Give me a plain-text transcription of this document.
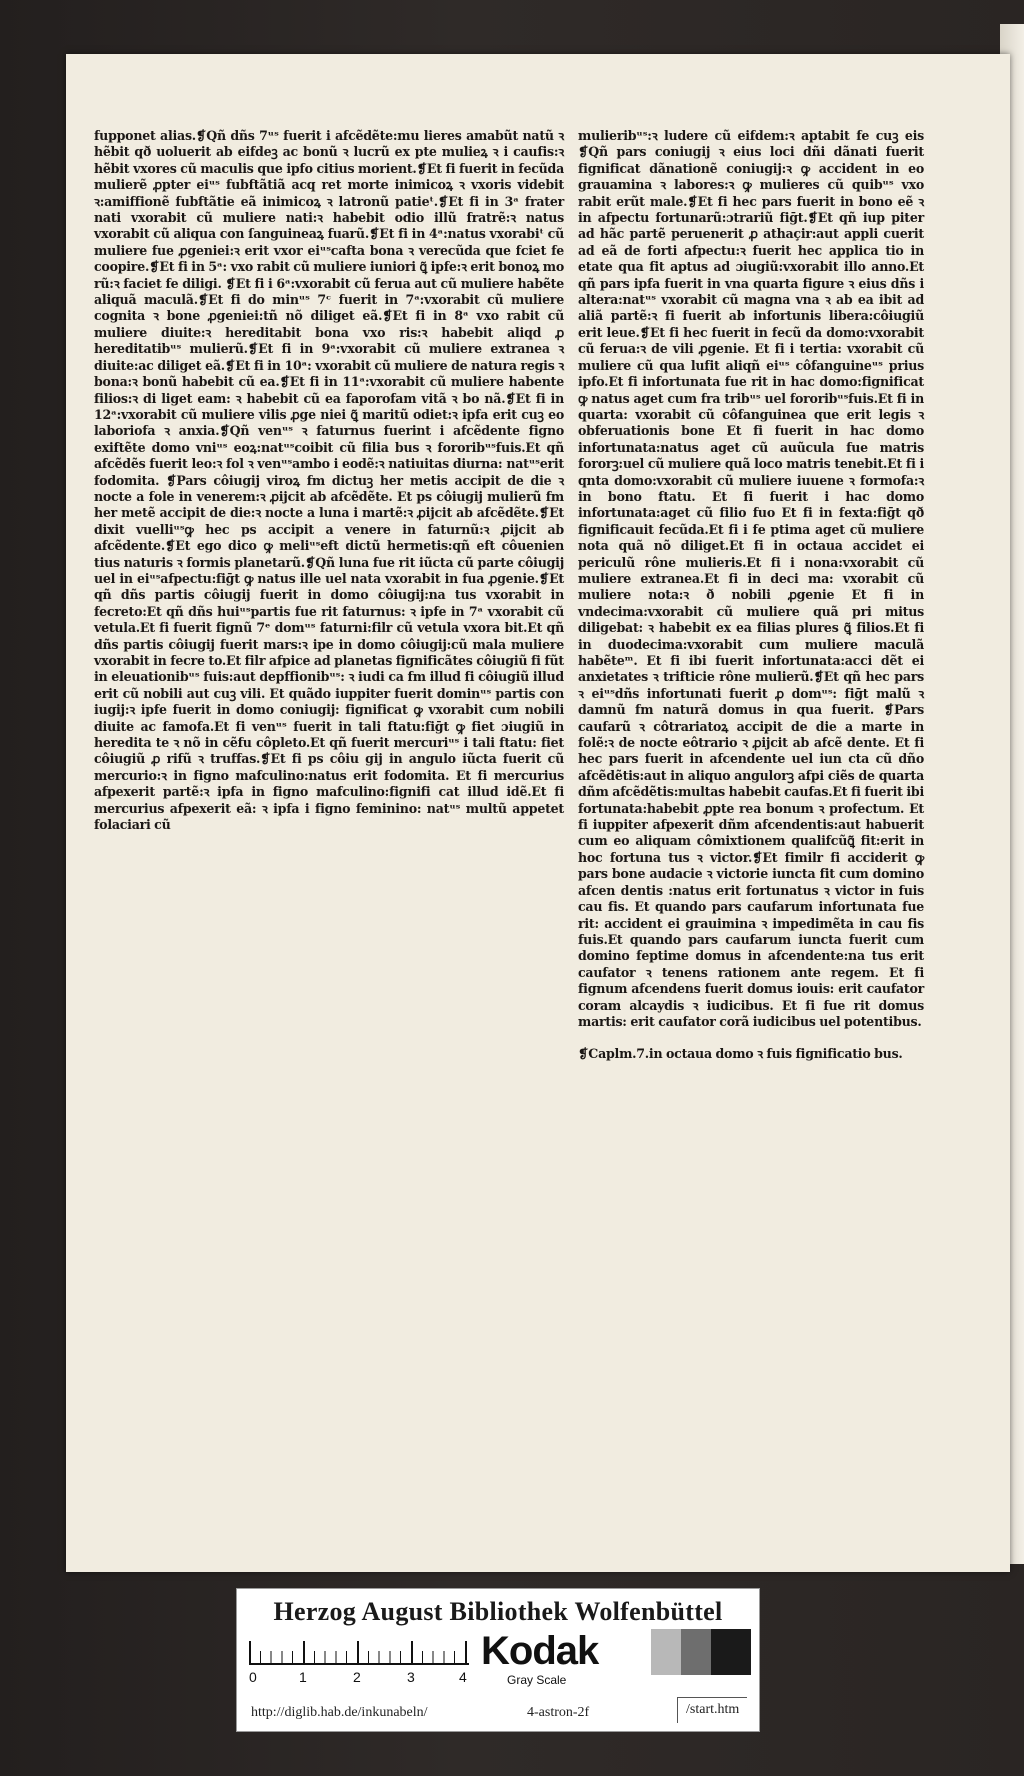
fupponet alias.❡Qñ dñs 7ᵘˢ fuerit i afcẽdẽte:mu lieres amabũt natũ ꝛ hẽbit qð uoluerit ab eifdeꝫ ac bonũ ꝛ lucrũ ex pte mulieꝝ ꝛ i caufis:ꝛ hẽbit vxores cũ maculis que ipfo citius morient.❡Et fi fuerit in fecũda mulierẽ ꝓpter eiᵘˢ fubftãtiã acq ret morte inimicoꝝ ꝛ vxoris videbit ꝛ:amiffionẽ fubftãtie eã inimicoꝝ ꝛ latronũ patieᵗ.❡Et fi in 3ᵃ frater nati vxorabit cũ muliere nati:ꝛ habebit odio illũ fratrẽ:ꝛ natus vxorabit cũ aliqua con ſanguineaꝝ fuarũ.❡Et fi in 4ᵃ:natus vxorabiᵗ cũ muliere fue ꝓgeniei:ꝛ erit vxor eiᵘˢcafta bona ꝛ verecũda que fciet fe coopire.❡Et fi in 5ᵃ: vxo rabit cũ muliere iuniori ꝗ̃ ipfe:ꝛ erit bonoꝝ mo rũ:ꝛ faciet fe diligi. ❡Et fi i 6ᵃ:vxorabit cũ ferua aut cũ muliere habẽte aliquã maculã.❡Et fi do minᵘˢ 7ᶜ fuerit in 7ᵃ:vxorabit cũ muliere cognita ꝛ bone ꝓgeniei:tñ nõ diliget eã.❡Et fi in 8ᵃ vxo rabit cũ muliere diuite:ꝛ hereditabit bona vxo ris:ꝛ habebit aliqd ꝓ hereditatibᵘˢ mulierũ.❡Et fi in 9ᵃ:vxorabit cũ muliere extranea ꝛ diuite:ac diliget eã.❡Et fi in 10ᵃ: vxorabit cũ muliere de natura regis ꝛ bona:ꝛ bonũ habebit cũ ea.❡Et fi in 11ᵃ:vxorabit cũ muliere habente filios:ꝛ di liget eam: ꝛ habebit cũ ea faporofam vitã ꝛ bo nã.❡Et fi in 12ᵃ:vxorabit cũ muliere vilis ꝓge niei ꝗ̃ maritũ odiet:ꝛ ipfa erit cuꝫ eo laboriofa ꝛ anxia.❡Qñ venᵘˢ ꝛ faturnus fuerint i afcẽdente figno exiftẽte domo vniᵘˢ eoꝝ:natᵘˢcoibit cũ filia bus ꝛ fororibᵘˢfuis.Et qñ afcẽdẽs fuerit leo:ꝛ fol ꝛ venᵘˢambo i eodẽ:ꝛ natiuitas diurna: natᵘˢerit fodomita. ❡Pars côiugij viroꝝ fm dictuꝫ her metis accipit de die ꝛ nocte a fole in venerem:ꝛ ꝓijcit ab afcẽdẽte. Et ps côiugij mulierũ fm her metẽ accipit de die:ꝛ nocte a luna i martẽ:ꝛ ꝓijcit ab afcẽdẽte.❡Et dixit vuelliᵘˢꝙ hec ps accipit a venere in faturnũ:ꝛ ꝓijcit ab afcẽdente.❡Et ego dico ꝙ meliᵘˢeft dictũ hermetis:qñ eft côuenien tius naturis ꝛ formis planetarũ.❡Qñ luna fue rit iũcta cũ parte côiugij uel in eiᵘˢafpectu:fiḡt ꝙ natus ille uel nata vxorabit in fua ꝓgenie.❡Et qñ dñs partis côiugij fuerit in domo côiugij:na tus vxorabit in fecreto:Et qñ dñs huiᵘˢpartis fue rit faturnus: ꝛ ipfe in 7ᵃ vxorabit cũ vetula.Et fi fuerit fignũ 7ᵉ domᵘˢ faturni:filr cũ vetula vxora bit.Et qñ dñs partis côiugij fuerit mars:ꝛ ipe in domo côiugij:cũ mala muliere vxorabit in fecre to.Et filr afpice ad planetas fignificãtes côiugiũ fi fũt in eleuationibᵘˢ fuis:aut depffionibᵘˢ: ꝛ iudi ca fm illud fi côiugiũ illud erit cũ nobili aut cuꝫ vili. Et quãdo iuppiter fuerit dominᵘˢ partis con iugij:ꝛ ipfe fuerit in domo coniugij: fignificat ꝙ vxorabit cum nobili diuite ac famofa.Et fi venᵘˢ fuerit in tali ftatu:fiḡt ꝙ fiet ɔiugiũ in heredita te ꝛ nõ in cẽfu côpleto.Et qñ fuerit mercuriᵘˢ i tali ftatu: fiet côiugiũ ꝓ rifũ ꝛ truffas.❡Et fi ps côiu gij in angulo iũcta fuerit cũ mercurio:ꝛ in figno mafculino:natus erit fodomita. Et fi mercurius afpexerit partẽ:ꝛ ipfa in figno mafculino:fignifi cat illud idẽ.Et fi mercurius afpexerit eã: ꝛ ipfa i figno feminino: natᵘˢ multũ appetet folaciari cũ

mulieribᵘˢ:ꝛ ludere cũ eifdem:ꝛ aptabit fe cuꝫ eis ❡Qñ pars coniugij ꝛ eius loci dñi dãnati fuerit fignificat dãnationẽ coniugij:ꝛ ꝙ accident in eo grauamina ꝛ labores:ꝛ ꝙ mulieres cũ quibᵘˢ vxo rabit erũt male.❡Et fi hec pars fuerit in bono eẽ ꝛ in afpectu fortunarũ:ɔtrariũ fiḡt.❡Et qñ iup piter ad hãc partẽ peruenerit ꝓ athaçir:aut appli cuerit ad eã de forti afpectu:ꝛ fuerit hec applica tio in etate qua fit aptus ad ɔiugiũ:vxorabit illo anno.Et qñ pars ipfa fuerit in vna quarta figure ꝛ eius dñs i altera:natᵘˢ vxorabit cũ magna vna ꝛ ab ea ibit ad aliã partẽ:ꝛ fi fuerit ab infortunis libera:côiugiũ erit leue.❡Et fi hec fuerit in fecũ da domo:vxorabit cũ ferua:ꝛ de vili ꝓgenie. Et fi i tertia: vxorabit cũ muliere cũ qua lufit aliqñ eiᵘˢ côfanguineᵘˢ prius ipfo.Et fi infortunata fue rit in hac domo:fignificat ꝙ natus aget cum fra tribᵘˢ uel fororibᵘˢfuis.Et fi in quarta: vxorabit cũ côfanguinea que erit legis ꝛ obferuationis bone Et fi fuerit in hac domo infortunata:natus aget cũ auũcula fue matris fororꝫ:uel cũ muliere quã loco matris tenebit.Et fi i qnta domo:vxorabit cũ muliere iuuene ꝛ formofa:ꝛ in bono ftatu. Et fi fuerit i hac domo infortunata:aget cũ filio fuo Et fi in fexta:fiḡt qð fignificauit fecũda.Et fi i fe ptima aget cũ muliere nota quã nõ diliget.Et fi in octaua accidet ei periculũ rône mulieris.Et fi i nona:vxorabit cũ muliere extranea.Et fi in deci ma: vxorabit cũ muliere nota:ꝛ ð nobili ꝓgenie Et fi in vndecima:vxorabit cũ muliere quã pri mitus diligebat: ꝛ habebit ex ea filias plures ꝗ̃ filios.Et fi in duodecima:vxorabit cum muliere maculã habẽteᵐ. Et fi ibi fuerit infortunata:acci dẽt ei anxietates ꝛ trifticie rône mulierũ.❡Et qñ hec pars ꝛ eiᵘˢdñs infortunati fuerit ꝓ domᵘˢ: fiḡt malũ ꝛ damnũ fm naturã domus in qua fuerit. ❡Pars caufarũ ꝛ côtrariatoꝝ accipit de die a marte in folẽ:ꝛ de nocte eôtrario ꝛ ꝓijcit ab afcẽ dente. Et fi hec pars fuerit in afcendente uel iun cta cũ dño afcẽdẽtis:aut in aliquo angulorꝫ afpi ciẽs de quarta dñm afcẽdẽtis:multas habebit caufas.Et fi fuerit ibi fortunata:habebit ꝓpte rea bonum ꝛ profectum. Et fi iuppiter afpexerit dñm afcendentis:aut habuerit cum eo aliquam cômixtionem qualifcũꝗ̃ fit:erit in hoc fortuna tus ꝛ victor.❡Et fimilr fi acciderit ꝙ pars bone audacie ꝛ victorie iuncta fit cum domino afcen dentis :natus erit fortunatus ꝛ victor in fuis cau fis. Et quando pars caufarum infortunata fue rit: accident ei grauimina ꝛ impedimẽta in cau fis fuis.Et quando pars caufarum iuncta fuerit cum domino feptime domus in afcendente:na tus erit caufator ꝛ tenens rationem ante regem. Et fi fignum afcendens fuerit domus iouis: erit caufator coram alcaydis ꝛ iudicibus. Et fi fue rit domus martis: erit caufator corã iudicibus uel potentibus.

❡Caplm.7.in octaua domo ꝛ fuis fignificatio bus.

Herzog August Bibliothek Wolfenbüttel
0	1	2	3	4
Kodak
Gray Scale
http://diglib.hab.de/inkunabeln/	4-astron-2f	/start.htm
